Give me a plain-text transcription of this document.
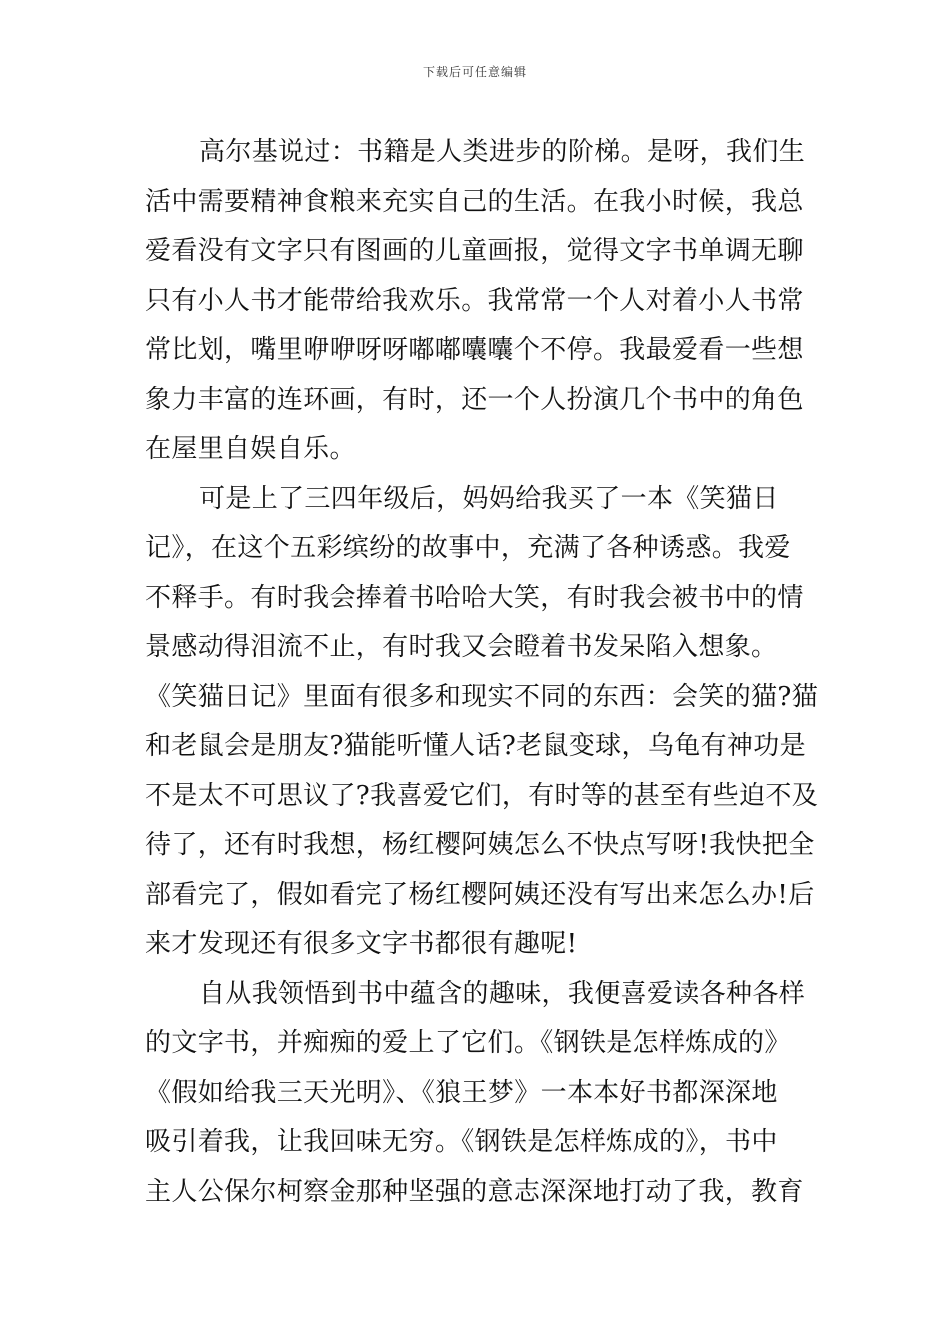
下载后可任意编辑
高尔基说过：书籍是人类进步的阶梯。是呀，我们生
活中需要精神食粮来充实自己的生活。在我小时候，我总
爱看没有文字只有图画的儿童画报，觉得文字书单调无聊
只有小人书才能带给我欢乐。我常常一个人对着小人书常
常比划，嘴里咿咿呀呀嘟嘟囔囔个不停。我最爱看一些想
象力丰富的连环画，有时，还一个人扮演几个书中的角色
在屋里自娱自乐。
可是上了三四年级后，妈妈给我买了一本《笑猫日
记》，在这个五彩缤纷的故事中，充满了各种诱惑。我爱
不释手。有时我会捧着书哈哈大笑，有时我会被书中的情
景感动得泪流不止，有时我又会瞪着书发呆陷入想象。
《笑猫日记》里面有很多和现实不同的东西：会笑的猫?猫
和老鼠会是朋友?猫能听懂人话?老鼠变球，乌龟有神功是
不是太不可思议了?我喜爱它们，有时等的甚至有些迫不及
待了，还有时我想，杨红樱阿姨怎么不快点写呀!我快把全
部看完了，假如看完了杨红樱阿姨还没有写出来怎么办!后
来才发现还有很多文字书都很有趣呢!
自从我领悟到书中蕴含的趣味，我便喜爱读各种各样
的文字书，并痴痴的爱上了它们。《钢铁是怎样炼成的》
《假如给我三天光明》、《狼王梦》一本本好书都深深地
吸引着我，让我回味无穷。《钢铁是怎样炼成的》，书中
主人公保尔柯察金那种坚强的意志深深地打动了我，教育
